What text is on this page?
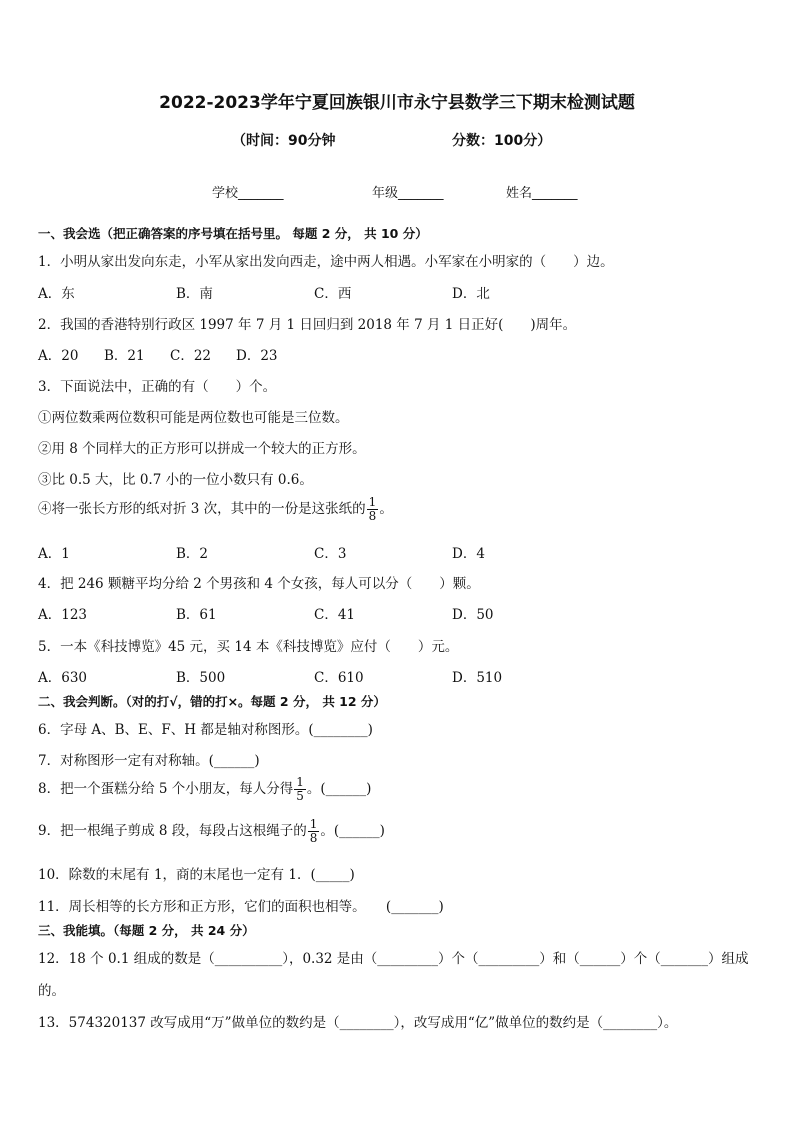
2022-2023学年宁夏回族银川市永宁县数学三下期末检测试题
（时间：90分钟	分数：100分）
学校_______	年级_______	姓名_______
一、我会选（把正确答案的序号填在括号里。 每题 2 分， 共 10 分）
1．小明从家出发向东走，小军从家出发向西走，途中两人相遇。小军家在小明家的（　　）边。
A．东	B．南	C．西	D．北
2．我国的香港特别行政区 1997 年 7 月 1 日回归到 2018 年 7 月 1 日正好(　　)周年。
A．20 B．21 C．22 D．23
3．下面说法中，正确的有（　　）个。
①两位数乘两位数积可能是两位数也可能是三位数。
②用 8 个同样大的正方形可以拼成一个较大的正方形。
③比 0.5 大，比 0.7 小的一位小数只有 0.6。
④将一张长方形的纸对折 3 次，其中的一份是这张纸的 $\frac{1}{8}$ 。
A．1	B．2	C．3	D．4
4．把 246 颗糖平均分给 2 个男孩和 4 个女孩，每人可以分（　　）颗。
A．123	B．61	C．41	D．50
5．一本《科技博览》45 元，买 14 本《科技博览》应付（　　）元。
A．630	B．500	C．610	D．510
二、我会判断。（对的打√，错的打×。每题 2 分， 共 12 分）
6．字母 A、B、E、F、H 都是轴对称图形。(________)
7．对称图形一定有对称轴。(______)
8．把一个蛋糕分给 5 个小朋友，每人分得 $\frac{1}{5}$ 。(______)
9．把一根绳子剪成 8 段，每段占这根绳子的 $\frac{1}{8}$ 。(______)
10．除数的末尾有 1，商的末尾也一定有 1．(_____)
11．周长相等的长方形和正方形，它们的面积也相等。　　(_______)
三、我能填。（每题 2 分， 共 24 分）
12．18 个 0.1 组成的数是（__________），0.32 是由（_________）个（_________）和（______）个（_______）组成
的。
13．574320137 改写成用“万”做单位的数约是（________），改写成用“亿”做单位的数约是（________）。
